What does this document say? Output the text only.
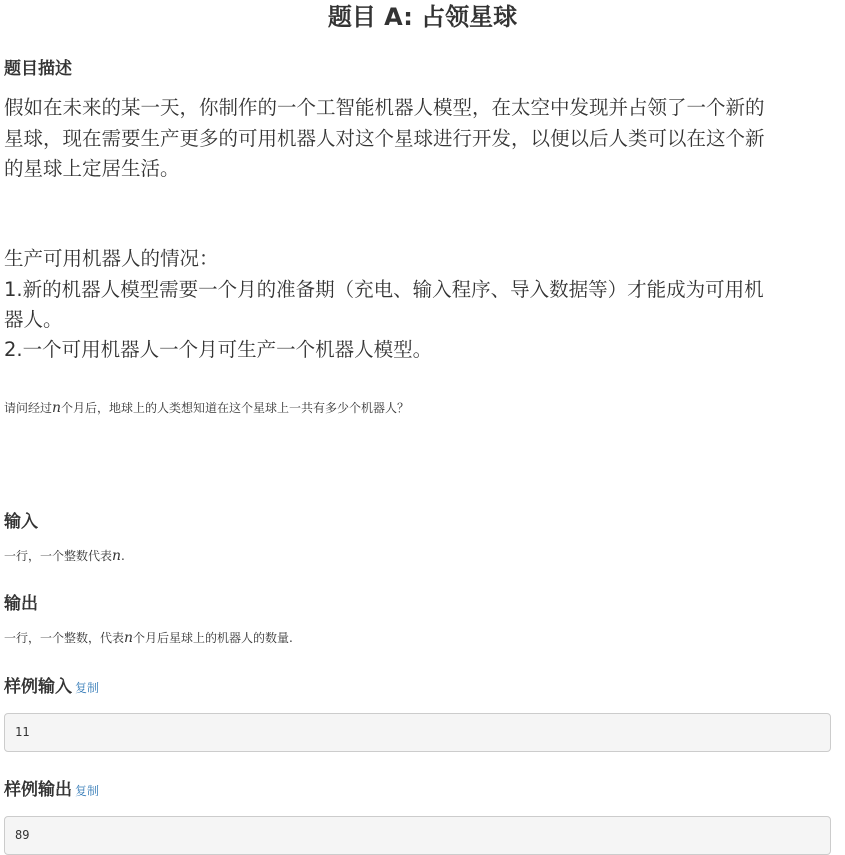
题目 A: 占领星球
题目描述

假如在未来的某一天，你制作的一个工智能机器人模型，在太空中发现并占领了一个新的

星球，现在需要生产更多的可用机器人对这个星球进行开发，以便以后人类可以在这个新

的星球上定居生活。

生产可用机器人的情况：

1.新的机器人模型需要一个月的准备期（充电、输入程序、导入数据等）才能成为可用机

器人。

2.一个可用机器人一个月可生产一个机器人模型。

请问经过n个月后，地球上的人类想知道在这个星球上一共有多少个机器人？

输入

一行，一个整数代表n.

输出

一行，一个整数，代表n个月后星球上的机器人的数量.

样例输入 复制
11
样例输出 复制
89
